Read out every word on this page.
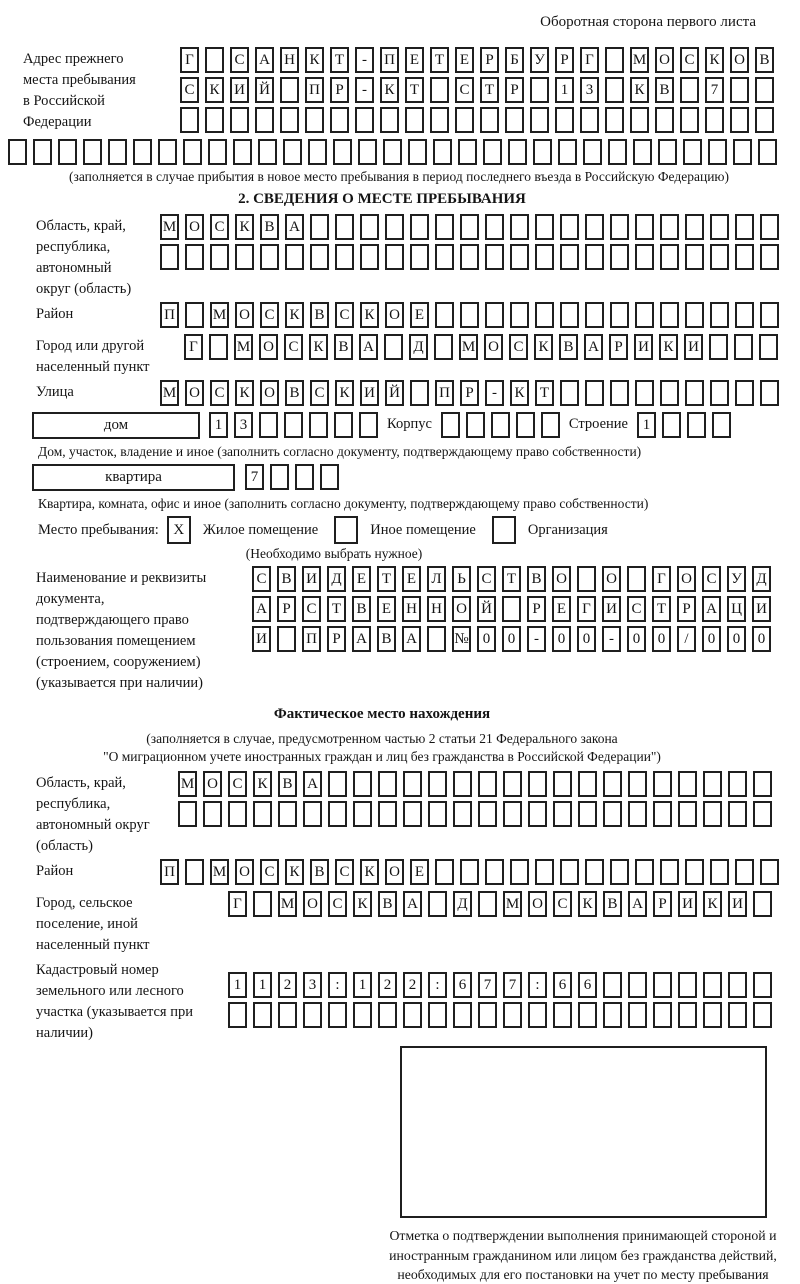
Оборотная сторона первого листа
Адрес прежнего места пребывания в Российской Федерации
Г	С А Н К	Т	-	П Е	Т	Е	Р	Б	У	Р	Г	М О С К О В
С К И Й	П	Р	-	К	Т	С	Т	Р	1	3	К В	7
(заполняется в случае прибытия в новое место пребывания в период последнего въезда в Российскую Федерацию)
2. СВЕДЕНИЯ О МЕСТЕ ПРЕБЫВАНИЯ
Область, край, республика, автономный округ (область)
М О С К В А
Район	П	М О С К В С К О Е
Город или другой населенный пункт
Г	М О С К В А	Д	М О С К В А	Р	И К И
Улица	М О С К О В С К И Й	П	Р	-	К	Т
дом	1	3	Корпус	Строение 1
Дом, участок, владение и иное (заполнить согласно документу, подтверждающему право собственности)
квартира	7
Квартира, комната, офис и иное (заполнить согласно документу, подтверждающему право собственности)
Место пребывания: X	Жилое помещение	Иное помещение	Организация
(Необходимо выбрать нужное)
Наименование и реквизиты документа, подтверждающего право пользования помещением (строением, сооружением) (указывается при наличии)
С В И Д	Е	Т	Е	Л	Ь	С	Т	В О	О	Г	О С У Д
А	Р	С	Т	В	Е	Н Н О Й	Р	Е	Г	И С	Т	Р	А Ц И
И	П	Р	А В А № 0	0	-	0	0	-	0	0	/	0	0	0
Фактическое место нахождения
(заполняется в случае, предусмотренном частью 2 статьи 21 Федерального закона
"О миграционном учете иностранных граждан и лиц без гражданства в Российской Федерации")
Область, край, республика, автономный округ (область)
М О С К В А
Район	П	М О С К В С К О Е
Город, сельское поселение, иной населенный пункт
Г	М О С К В А	Д	М О С К В А	Р	И К И
Кадастровый номер земельного или лесного участка (указывается при наличии)
1	1	2	3	:	1	2	2	:	6	7	7	:	6	6
Отметка о подтверждении выполнения принимающей стороной и иностранным гражданином или лицом без гражданства действий, необходимых для его постановки на учет по месту пребывания
